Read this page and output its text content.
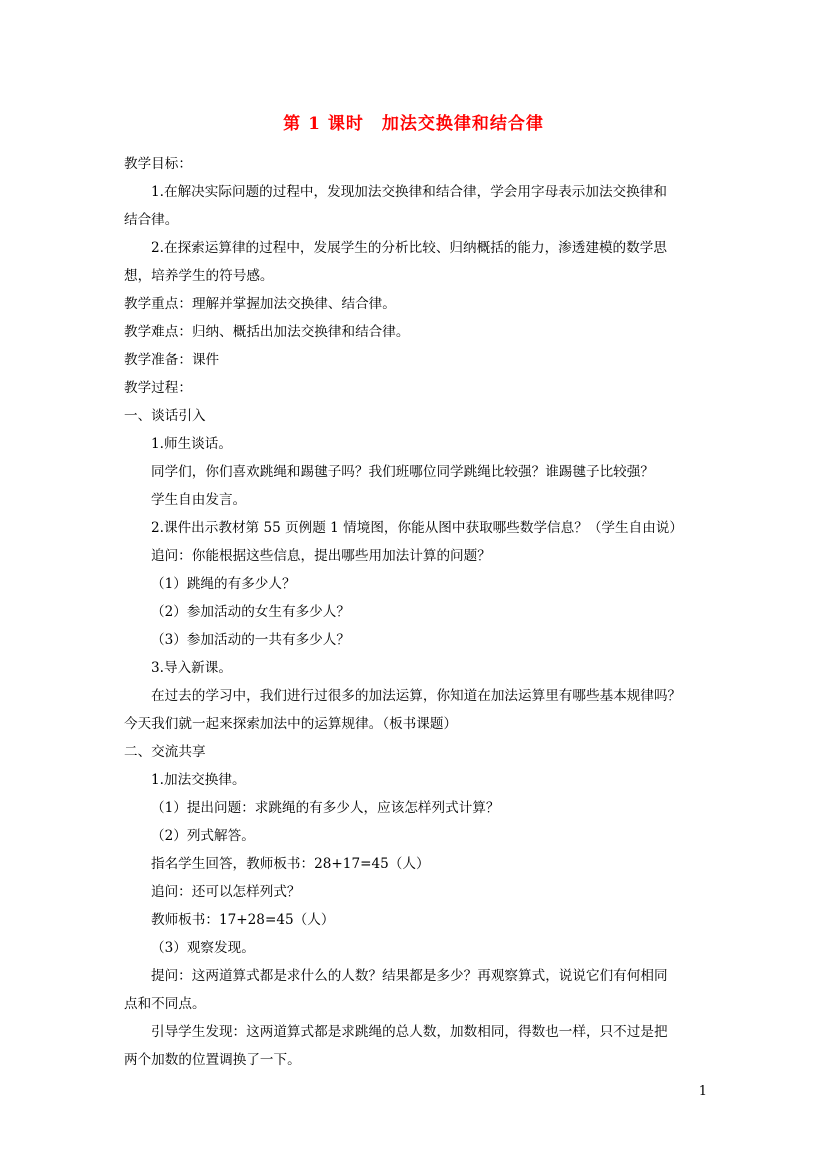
第 1 课时　加法交换律和结合律

教学目标：

1.在解决实际问题的过程中，发现加法交换律和结合律，学会用字母表示加法交换律和

结合律。

2.在探索运算律的过程中，发展学生的分析比较、归纳概括的能力，渗透建模的数学思

想，培养学生的符号感。

教学重点：理解并掌握加法交换律、结合律。

教学难点：归纳、概括出加法交换律和结合律。

教学准备：课件

教学过程：

一、谈话引入

1.师生谈话。

同学们，你们喜欢跳绳和踢毽子吗？我们班哪位同学跳绳比较强？谁踢毽子比较强？

学生自由发言。

2.课件出示教材第 55 页例题 1 情境图，你能从图中获取哪些数学信息？（学生自由说）

追问：你能根据这些信息，提出哪些用加法计算的问题？

（1）跳绳的有多少人？

（2）参加活动的女生有多少人？

（3）参加活动的一共有多少人？

3.导入新课。

在过去的学习中，我们进行过很多的加法运算，你知道在加法运算里有哪些基本规律吗？

今天我们就一起来探索加法中的运算规律。（板书课题）

二、交流共享

1.加法交换律。

（1）提出问题：求跳绳的有多少人，应该怎样列式计算？

（2）列式解答。

指名学生回答，教师板书：28+17=45（人）

追问：还可以怎样列式？

教师板书：17+28=45（人）

（3）观察发现。

提问：这两道算式都是求什么的人数？结果都是多少？再观察算式，说说它们有何相同

点和不同点。

引导学生发现：这两道算式都是求跳绳的总人数，加数相同，得数也一样，只不过是把

两个加数的位置调换了一下。

1
